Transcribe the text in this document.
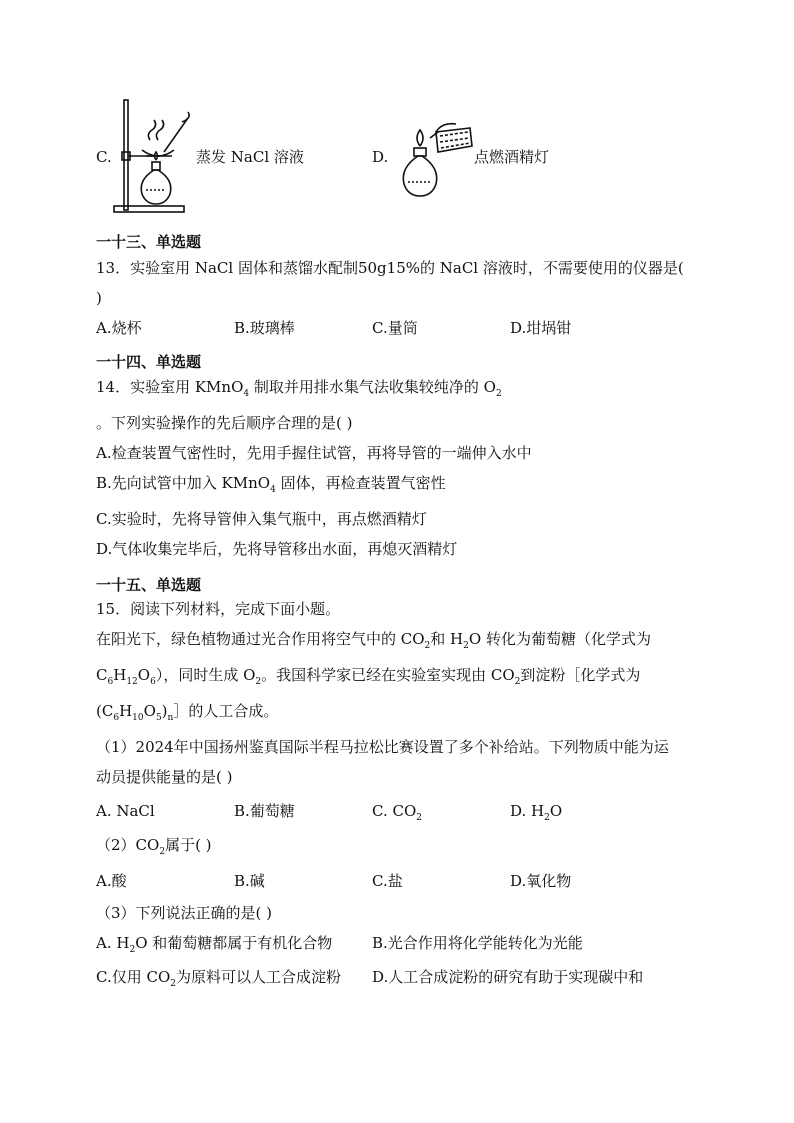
C.	蒸发 NaCl 溶液	D.	点燃酒精灯
一十三、单选题
13．实验室用 NaCl 固体和蒸馏水配制50g15%的 NaCl 溶液时，不需要使用的仪器是(
)
A.烧杯	B.玻璃棒	C.量筒	D.坩埚钳
一十四、单选题
14．实验室用 KMnO$_4$ 制取并用排水集气法收集较纯净的 $O_2$
。下列实验操作的先后顺序合理的是( )
A.检查装置气密性时，先用手握住试管，再将导管的一端伸入水中
B.先向试管中加入 KMnO$_4$ 固体，再检查装置气密性
C.实验时，先将导管伸入集气瓶中，再点燃酒精灯
D.气体收集完毕后，先将导管移出水面，再熄灭酒精灯
一十五、单选题
15．阅读下列材料，完成下面小题。
在阳光下，绿色植物通过光合作用将空气中的 $CO_2$和 $H_2O$ 转化为葡萄糖（化学式为
$C_6H_{12}O_6$），同时生成 $O_2$。我国科学家已经在实验室实现由 $CO_2$到淀粉［化学式为
$(C_6H_{10}O_5)_n]$的人工合成。
（1）2024年中国扬州鉴真国际半程马拉松比赛设置了多个补给站。下列物质中能为运
动员提供能量的是( )
A. NaCl	B.葡萄糖	C. $CO_2$	D. $H_2O$
$(2)CO_2$属于( )
A.酸	B.碱	C.盐	D.氧化物
（3）下列说法正确的是( )
A. $H_2O$ 和葡萄糖都属于有机化合物	B.光合作用将化学能转化为光能
C.仅用 $CO_2$为原料可以人工合成淀粉 D.人工合成淀粉的研究有助于实现碳中和
